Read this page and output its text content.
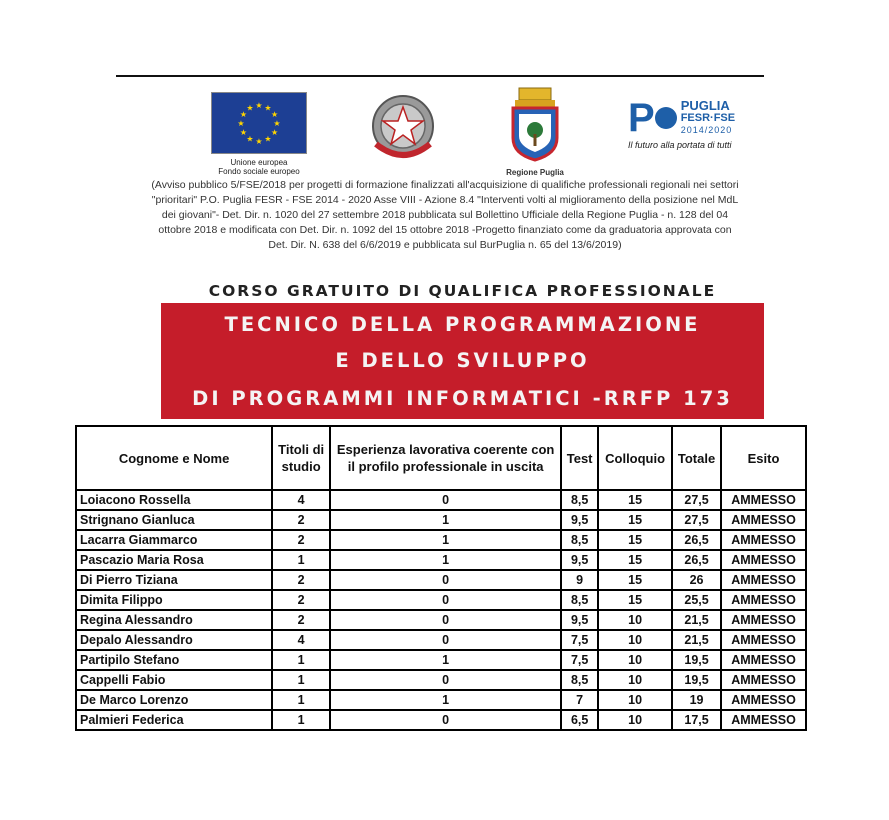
★ ★
★
★
★
★
★
★
★
★
★
★
Unione europea
Fondo sociale europeo	Regione Puglia
P PUGLIA
FESR·FSE
2014/2020
Il futuro alla portata di tutti
(Avviso pubblico 5/FSE/2018 per progetti di formazione finalizzati all'acquisizione di qualifiche professionali regionali nei settori "prioritari" P.O. Puglia FESR - FSE 2014 - 2020 Asse VIII - Azione 8.4 "Interventi volti al miglioramento della posizione nel MdL dei giovani"- Det. Dir. n. 1020 del 27 settembre 2018 pubblicata sul Bollettino Ufficiale della Regione Puglia - n. 128 del 04 ottobre 2018 e modificata con Det. Dir. n. 1092 del 15 ottobre 2018 -Progetto finanziato come da graduatoria approvata con Det. Dir. N. 638 del 6/6/2019 e pubblicata sul BurPuglia n. 65 del 13/6/2019)
CORSO GRATUITO DI QUALIFICA PROFESSIONALE
TECNICO DELLA PROGRAMMAZIONE
E DELLO SVILUPPO
DI PROGRAMMI INFORMATICI -RRFP 173
Cognome e Nome	Titoli di studio	Esperienza lavorativa coerente con il profilo professionale in uscita	Test	Colloquio	Totale	Esito
Loiacono Rossella	4	0	8,5	15	27,5	AMMESSO
Strignano Gianluca	2	1	9,5	15	27,5	AMMESSO
Lacarra Giammarco	2	1	8,5	15	26,5	AMMESSO
Pascazio Maria Rosa	1	1	9,5	15	26,5	AMMESSO
Di Pierro Tiziana	2	0	9	15	26	AMMESSO
Dimita Filippo	2	0	8,5	15	25,5	AMMESSO
Regina Alessandro	2	0	9,5	10	21,5	AMMESSO
Depalo Alessandro	4	0	7,5	10	21,5	AMMESSO
Partipilo Stefano	1	1	7,5	10	19,5	AMMESSO
Cappelli Fabio	1	0	8,5	10	19,5	AMMESSO
De Marco Lorenzo	1	1	7	10	19	AMMESSO
Palmieri Federica	1	0	6,5	10	17,5	AMMESSO
